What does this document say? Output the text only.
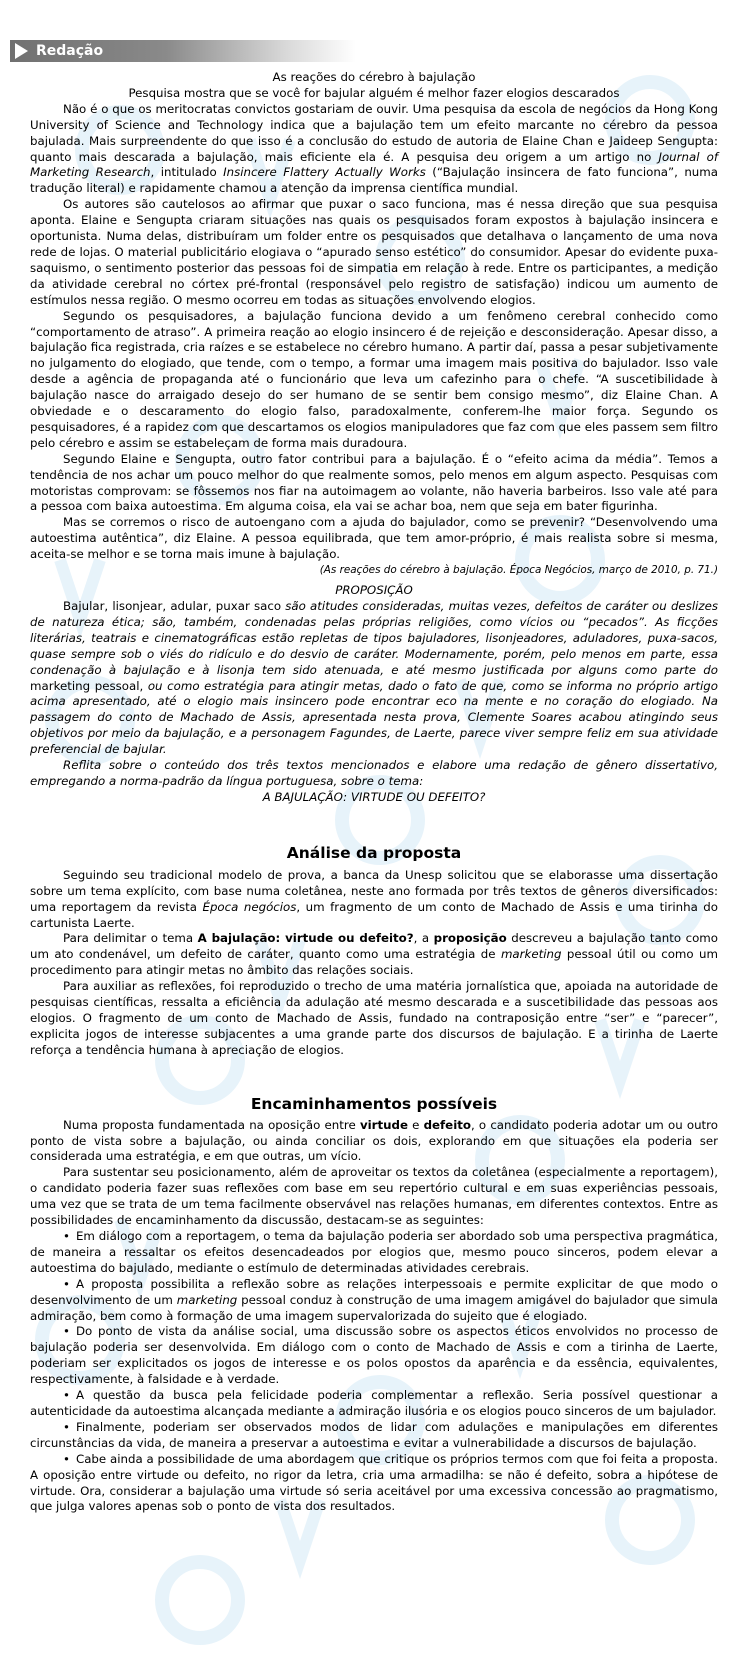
Redação

As reações do cérebro à bajulação

Pesquisa mostra que se você for bajular alguém é melhor fazer elogios descarados

Não é o que os meritocratas convictos gostariam de ouvir. Uma pesquisa da escola de negócios da Hong Kong University of Science and Technology indica que a bajulação tem um efeito marcante no cérebro da pessoa bajulada. Mais surpreendente do que isso é a conclusão do estudo de autoria de Elaine Chan e Jaideep Sengupta: quanto mais descarada a bajulação, mais eficiente ela é. A pesquisa deu origem a um artigo no Journal of Marketing Research, intitulado Insincere Flattery Actually Works (“Bajulação insincera de fato funciona”, numa tradução literal) e rapidamente chamou a atenção da imprensa científica mundial.

Os autores são cautelosos ao afirmar que puxar o saco funciona, mas é nessa direção que sua pesquisa aponta. Elaine e Sengupta criaram situações nas quais os pesquisados foram expostos à bajulação insincera e oportunista. Numa delas, distribuíram um folder entre os pesquisados que detalhava o lançamento de uma nova rede de lojas. O material publicitário elogiava o “apurado senso estético” do consumidor. Apesar do evidente puxa-saquismo, o sentimento posterior das pessoas foi de simpatia em relação à rede. Entre os participantes, a medição da atividade cerebral no córtex pré-frontal (responsável pelo registro de satisfação) indicou um aumento de estímulos nessa região. O mesmo ocorreu em todas as situações envolvendo elogios.

Segundo os pesquisadores, a bajulação funciona devido a um fenômeno cerebral conhecido como “comportamento de atraso”. A primeira reação ao elogio insincero é de rejeição e desconsideração. Apesar disso, a bajulação fica registrada, cria raízes e se estabelece no cérebro humano. A partir daí, passa a pesar subjetivamente no julgamento do elogiado, que tende, com o tempo, a formar uma imagem mais positiva do bajulador. Isso vale desde a agência de propaganda até o funcionário que leva um cafezinho para o chefe. “A suscetibilidade à bajulação nasce do arraigado desejo do ser humano de se sentir bem consigo mesmo”, diz Elaine Chan. A obviedade e o descaramento do elogio falso, paradoxalmente, conferem-lhe maior força. Segundo os pesquisadores, é a rapidez com que descartamos os elogios manipuladores que faz com que eles passem sem filtro pelo cérebro e assim se estabeleçam de forma mais duradoura.

Segundo Elaine e Sengupta, outro fator contribui para a bajulação. É o “efeito acima da média”. Temos a tendência de nos achar um pouco melhor do que realmente somos, pelo menos em algum aspecto. Pesquisas com motoristas comprovam: se fôssemos nos fiar na autoimagem ao volante, não haveria barbeiros. Isso vale até para a pessoa com baixa autoestima. Em alguma coisa, ela vai se achar boa, nem que seja em bater figurinha.

Mas se corremos o risco de autoengano com a ajuda do bajulador, como se prevenir? “Desenvolvendo uma autoestima autêntica”, diz Elaine. A pessoa equilibrada, que tem amor-próprio, é mais realista sobre si mesma, aceita-se melhor e se torna mais imune à bajulação.

(As reações do cérebro à bajulação. Época Negócios, março de 2010, p. 71.)

PROPOSIÇÃO

Bajular, lisonjear, adular, puxar saco são atitudes consideradas, muitas vezes, defeitos de caráter ou deslizes de natureza ética; são, também, condenadas pelas próprias religiões, como vícios ou “pecados”. As ficções literárias, teatrais e cinematográficas estão repletas de tipos bajuladores, lisonjeadores, aduladores, puxa-sacos, quase sempre sob o viés do ridículo e do desvio de caráter. Modernamente, porém, pelo menos em parte, essa condenação à bajulação e à lisonja tem sido atenuada, e até mesmo justificada por alguns como parte do marketing pessoal, ou como estratégia para atingir metas, dado o fato de que, como se informa no próprio artigo acima apresentado, até o elogio mais insincero pode encontrar eco na mente e no coração do elogiado. Na passagem do conto de Machado de Assis, apresentada nesta prova, Clemente Soares acabou atingindo seus objetivos por meio da bajulação, e a personagem Fagundes, de Laerte, parece viver sempre feliz em sua atividade preferencial de bajular.

Reflita sobre o conteúdo dos três textos mencionados e elabore uma redação de gênero dissertativo, empregando a norma-padrão da língua portuguesa, sobre o tema:

A BAJULAÇÃO: VIRTUDE OU DEFEITO?

Análise da proposta

Seguindo seu tradicional modelo de prova, a banca da Unesp solicitou que se elaborasse uma dissertação sobre um tema explícito, com base numa coletânea, neste ano formada por três textos de gêneros diversificados: uma reportagem da revista Época negócios, um fragmento de um conto de Machado de Assis e uma tirinha do cartunista Laerte.

Para delimitar o tema A bajulação: virtude ou defeito?, a proposição descreveu a bajulação tanto como um ato condenável, um defeito de caráter, quanto como uma estratégia de marketing pessoal útil ou como um procedimento para atingir metas no âmbito das relações sociais.

Para auxiliar as reflexões, foi reproduzido o trecho de uma matéria jornalística que, apoiada na autoridade de pesquisas científicas, ressalta a eficiência da adulação até mesmo descarada e a suscetibilidade das pessoas aos elogios. O fragmento de um conto de Machado de Assis, fundado na contraposição entre “ser” e “parecer”, explicita jogos de interesse subjacentes a uma grande parte dos discursos de bajulação. E a tirinha de Laerte reforça a tendência humana à apreciação de elogios.

Encaminhamentos possíveis

Numa proposta fundamentada na oposição entre virtude e defeito, o candidato poderia adotar um ou outro ponto de vista sobre a bajulação, ou ainda conciliar os dois, explorando em que situações ela poderia ser considerada uma estratégia, e em que outras, um vício.

Para sustentar seu posicionamento, além de aproveitar os textos da coletânea (especialmente a reportagem), o candidato poderia fazer suas reflexões com base em seu repertório cultural e em suas experiências pessoais, uma vez que se trata de um tema facilmente observável nas relações humanas, em diferentes contextos. Entre as possibilidades de encaminhamento da discussão, destacam-se as seguintes:

• Em diálogo com a reportagem, o tema da bajulação poderia ser abordado sob uma perspectiva pragmática, de maneira a ressaltar os efeitos desencadeados por elogios que, mesmo pouco sinceros, podem elevar a autoestima do bajulado, mediante o estímulo de determinadas atividades cerebrais.

• A proposta possibilita a reflexão sobre as relações interpessoais e permite explicitar de que modo o desenvolvimento de um marketing pessoal conduz à construção de uma imagem amigável do bajulador que simula admiração, bem como à formação de uma imagem supervalorizada do sujeito que é elogiado.

• Do ponto de vista da análise social, uma discussão sobre os aspectos éticos envolvidos no processo de bajulação poderia ser desenvolvida. Em diálogo com o conto de Machado de Assis e com a tirinha de Laerte, poderiam ser explicitados os jogos de interesse e os polos opostos da aparência e da essência, equivalentes, respectivamente, à falsidade e à verdade.

• A questão da busca pela felicidade poderia complementar a reflexão. Seria possível questionar a autenticidade da autoestima alcançada mediante a admiração ilusória e os elogios pouco sinceros de um bajulador.

• Finalmente, poderiam ser observados modos de lidar com adulações e manipulações em diferentes circunstâncias da vida, de maneira a preservar a autoestima e evitar a vulnerabilidade a discursos de bajulação.

• Cabe ainda a possibilidade de uma abordagem que critique os próprios termos com que foi feita a proposta. A oposição entre virtude ou defeito, no rigor da letra, cria uma armadilha: se não é defeito, sobra a hipótese de virtude. Ora, considerar a bajulação uma virtude só seria aceitável por uma excessiva concessão ao pragmatismo, que julga valores apenas sob o ponto de vista dos resultados.
